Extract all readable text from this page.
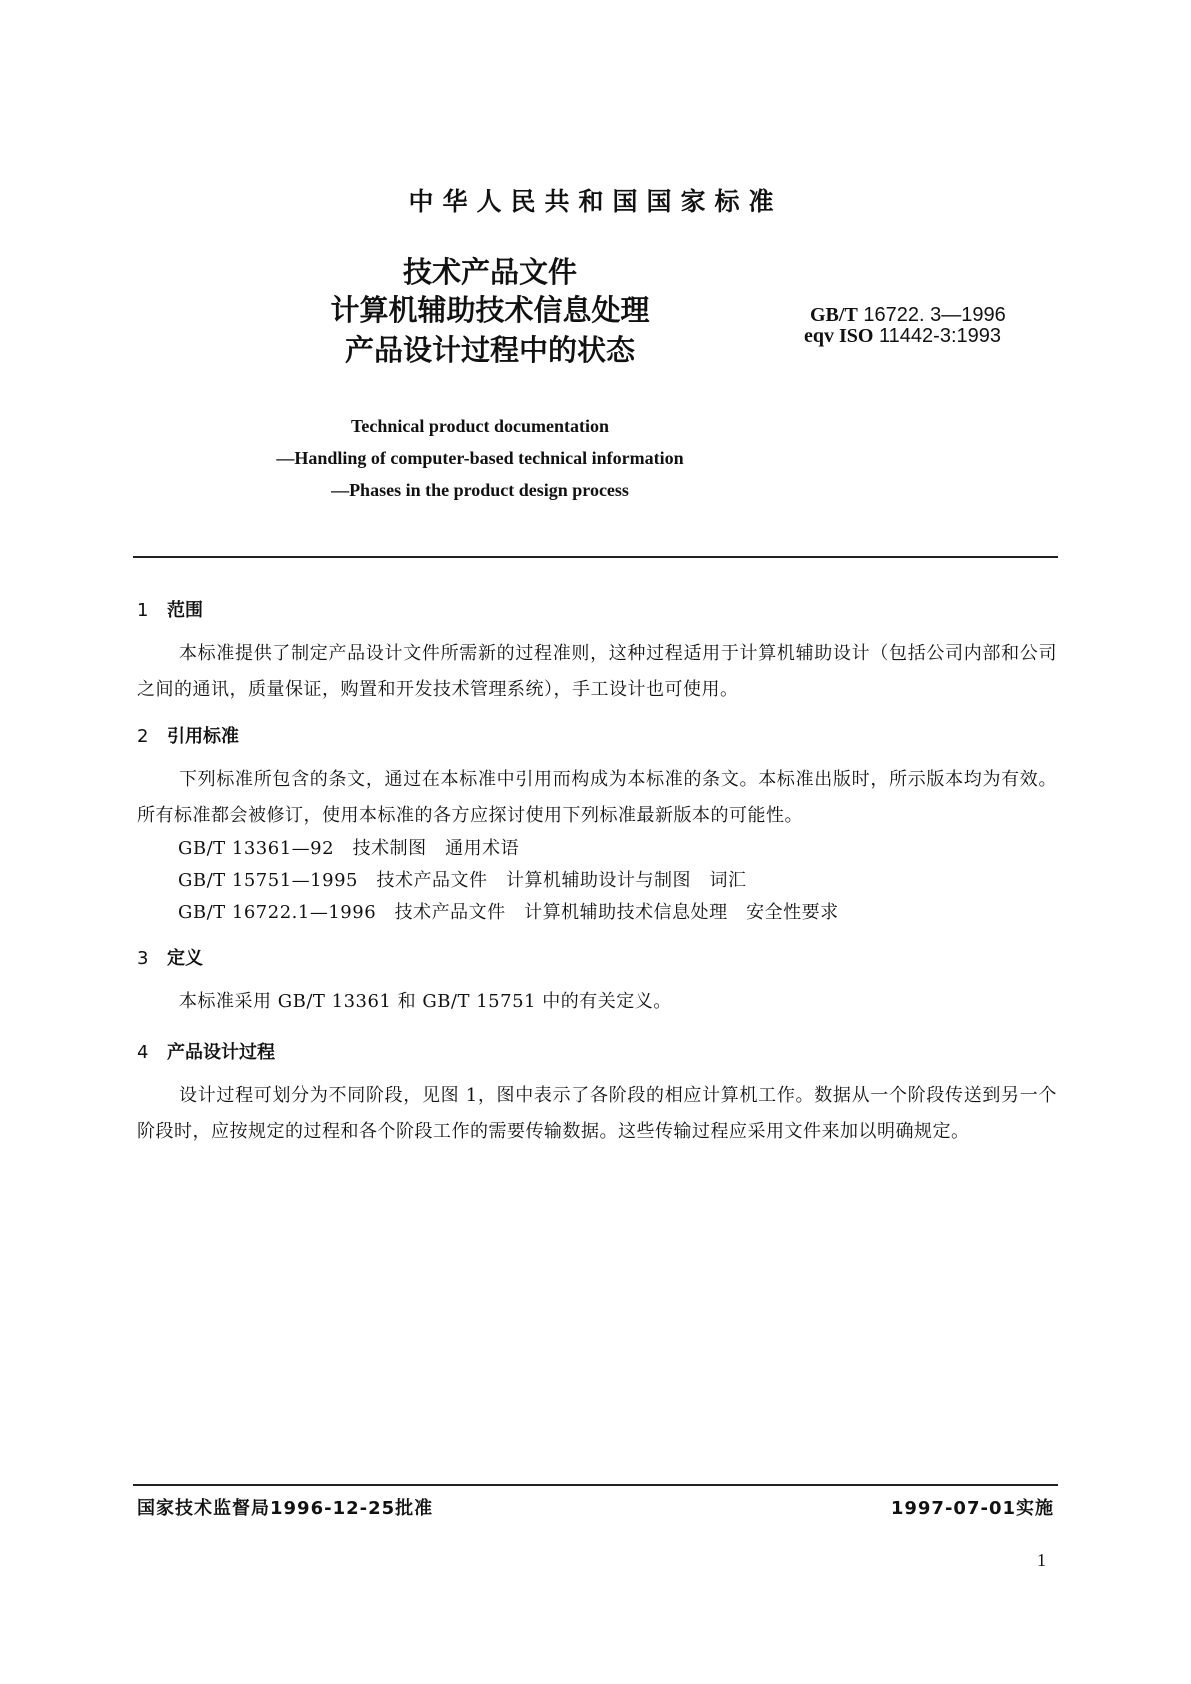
中华人民共和国国家标准
技术产品文件
计算机辅助技术信息处理
产品设计过程中的状态
GB/T 16722. 3—1996
eqv ISO 11442-3:1993
Technical product documentation
—Handling of computer-based technical information
—Phases in the product design process
1 范围
本标准提供了制定产品设计文件所需新的过程准则，这种过程适用于计算机辅助设计（包括公司内部和公司之间的通讯，质量保证，购置和开发技术管理系统），手工设计也可使用。
2 引用标准
下列标准所包含的条文，通过在本标准中引用而构成为本标准的条文。本标准出版时，所示版本均为有效。所有标准都会被修订，使用本标准的各方应探讨使用下列标准最新版本的可能性。
GB/T 13361—92　技术制图　通用术语
GB/T 15751—1995　技术产品文件　计算机辅助设计与制图　词汇
GB/T 16722.1—1996　技术产品文件　计算机辅助技术信息处理　安全性要求
3 定义
本标准采用 GB/T 13361 和 GB/T 15751 中的有关定义。
4 产品设计过程
设计过程可划分为不同阶段，见图 1，图中表示了各阶段的相应计算机工作。数据从一个阶段传送到另一个阶段时，应按规定的过程和各个阶段工作的需要传输数据。这些传输过程应采用文件来加以明确规定。
国家技术监督局1996-12-25批准	1997-07-01实施
1
